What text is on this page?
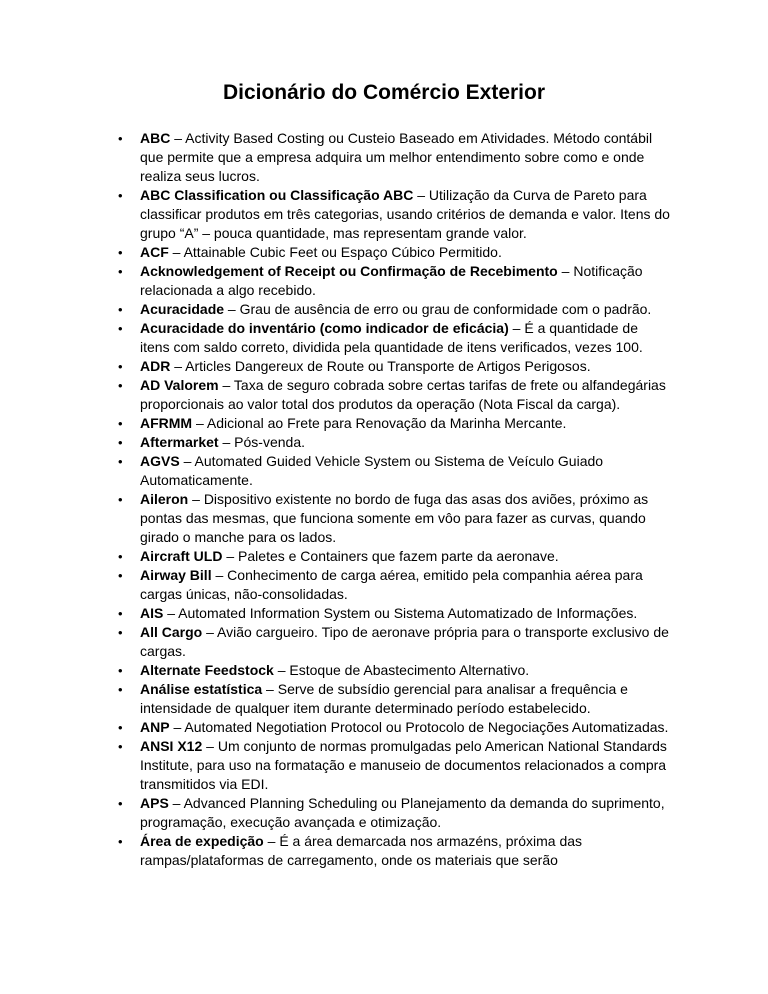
Dicionário do Comércio Exterior
• ABC – Activity Based Costing ou Custeio Baseado em Atividades. Método contábil que permite que a empresa adquira um melhor entendimento sobre como e onde realiza seus lucros.
• ABC Classification ou Classificação ABC – Utilização da Curva de Pareto para classificar produtos em três categorias, usando critérios de demanda e valor. Itens do grupo “A” – pouca quantidade, mas representam grande valor.
• ACF – Attainable Cubic Feet ou Espaço Cúbico Permitido.
• Acknowledgement of Receipt ou Confirmação de Recebimento – Notificação relacionada a algo recebido.
• Acuracidade – Grau de ausência de erro ou grau de conformidade com o padrão.
• Acuracidade do inventário (como indicador de eficácia) – É a quantidade de itens com saldo correto, dividida pela quantidade de itens verificados, vezes 100.
• ADR – Articles Dangereux de Route ou Transporte de Artigos Perigosos.
• AD Valorem – Taxa de seguro cobrada sobre certas tarifas de frete ou alfandegárias proporcionais ao valor total dos produtos da operação (Nota Fiscal da carga).
• AFRMM – Adicional ao Frete para Renovação da Marinha Mercante.
• Aftermarket – Pós-venda.
• AGVS – Automated Guided Vehicle System ou Sistema de Veículo Guiado Automaticamente.
• Aileron – Dispositivo existente no bordo de fuga das asas dos aviões, próximo as pontas das mesmas, que funciona somente em vôo para fazer as curvas, quando girado o manche para os lados.
• Aircraft ULD – Paletes e Containers que fazem parte da aeronave.
• Airway Bill – Conhecimento de carga aérea, emitido pela companhia aérea para cargas únicas, não-consolidadas.
• AIS – Automated Information System ou Sistema Automatizado de Informações.
• All Cargo – Avião cargueiro. Tipo de aeronave própria para o transporte exclusivo de cargas.
• Alternate Feedstock – Estoque de Abastecimento Alternativo.
• Análise estatística – Serve de subsídio gerencial para analisar a frequência e intensidade de qualquer item durante determinado período estabelecido.
• ANP – Automated Negotiation Protocol ou Protocolo de Negociações Automatizadas.
• ANSI X12 – Um conjunto de normas promulgadas pelo American National Standards Institute, para uso na formatação e manuseio de documentos relacionados a compra transmitidos via EDI.
• APS – Advanced Planning Scheduling ou Planejamento da demanda do suprimento, programação, execução avançada e otimização.
• Área de expedição – É a área demarcada nos armazéns, próxima das rampas/plataformas de carregamento, onde os materiais que serão
